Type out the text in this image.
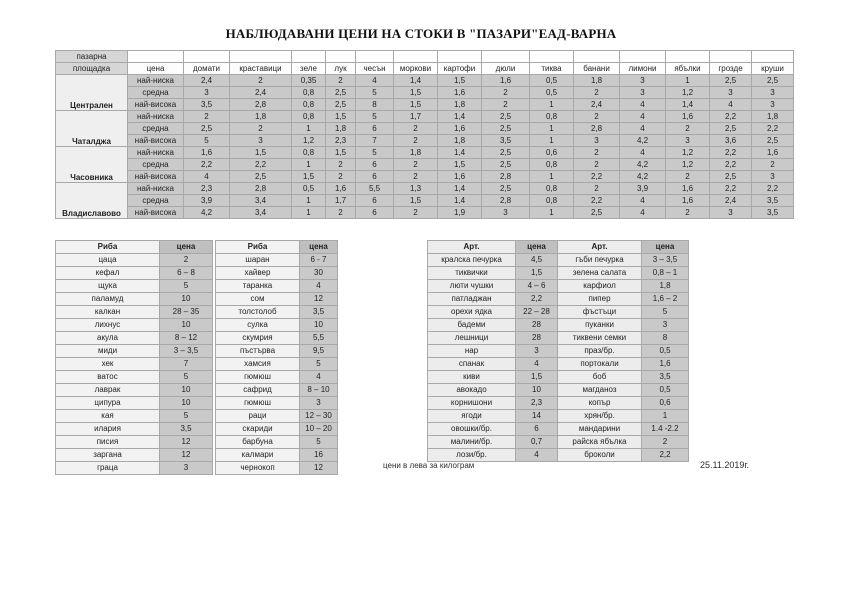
НАБЛЮДАВАНИ ЦЕНИ НА СТОКИ В "ПАЗАРИ"ЕАД-ВАРНА
пазарна															
площадка	цена	домати	краставици	зеле	лук	чесън	моркови	картофи	дюли	тиква	банани	лимони	ябълки	грозде	круши
Централен	най-ниска	2,4	2	0,35	2	4	1,4	1,5	1,6	0,5	1,8	3	1	2,5	2,5
	средна	3	2,4	0,8	2,5	5	1,5	1,6	2	0,5	2	3	1,2	3	3
	най-висока	3,5	2,8	0,8	2,5	8	1,5	1,8	2	1	2,4	4	1,4	4	3
Чаталджа	най-ниска	2	1,8	0,8	1,5	5	1,7	1,4	2,5	0,8	2	4	1,6	2,2	1,8
	средна	2,5	2	1	1,8	6	2	1,6	2,5	1	2,8	4	2	2,5	2,2
	най-висока	5	3	1,2	2,3	7	2	1,8	3,5	1	3	4,2	3	3,6	2,5
Часовника	най-ниска	1,6	1,5	0,8	1,5	5	1,8	1,4	2,5	0,6	2	4	1,2	2,2	1,6
	средна	2,2	2,2	1	2	6	2	1,5	2,5	0,8	2	4,2	1,2	2,2	2
	най-висока	4	2,5	1,5	2	6	2	1,6	2,8	1	2,2	4,2	2	2,5	3
Владиславово	най-ниска	2,3	2,8	0,5	1,6	5,5	1,3	1,4	2,5	0,8	2	3,9	1,6	2,2	2,2
	средна	3,9	3,4	1	1,7	6	1,5	1,4	2,8	0,8	2,2	4	1,6	2,4	3,5
	най-висока	4,2	3,4	1	2	6	2	1,9	3	1	2,5	4	2	3	3,5
Риба	цена
цаца	2
кефал	6 – 8
щука	5
паламуд	10
калкан	28 – 35
лихнус	10
акула	8 – 12
миди	3 – 3,5
хек	7
ватос	5
лаврак	10
ципура	10
кая	5
илария	3,5
писия	12
заргана	12
граца	3
Риба	цена
шаран	6 - 7
хайвер	30
таранка	4
сом	12
толстолоб	3,5
сулка	10
скумрия	5,5
пъстърва	9,5
хамсия	5
гюмюш	4
сафрид	8 – 10
гюмюш	3
раци	12 – 30
скариди	10 – 20
барбуна	5
калмари	16
чернокоп	12
Арт.	цена	Арт.	цена
кралска печурка	4,5	гъби печурка	3 – 3,5
тиквички	1,5	зелена салата	0,8 – 1
люти чушки	4 – 6	карфиол	1,8
патладжан	2,2	пипер	1,6 – 2
орехи ядка	22 – 28	фъстъци	5
бадеми	28	пуканки	3
лешници	28	тиквени семки	8
нар	3	праз/бр.	0,5
спанак	4	портокали	1,6
киви	1,5	боб	3,5
авокадо	10	магданоз	0,5
корнишони	2,3	копър	0,6
ягоди	14	хрян/бр.	1
овошки/бр.	6	мандарини	1.4 -2.2
малини/бр.	0,7	райска ябълка	2
лози/бр.	4	броколи	2,2
цени в лева за килограм	25.11.2019г.
